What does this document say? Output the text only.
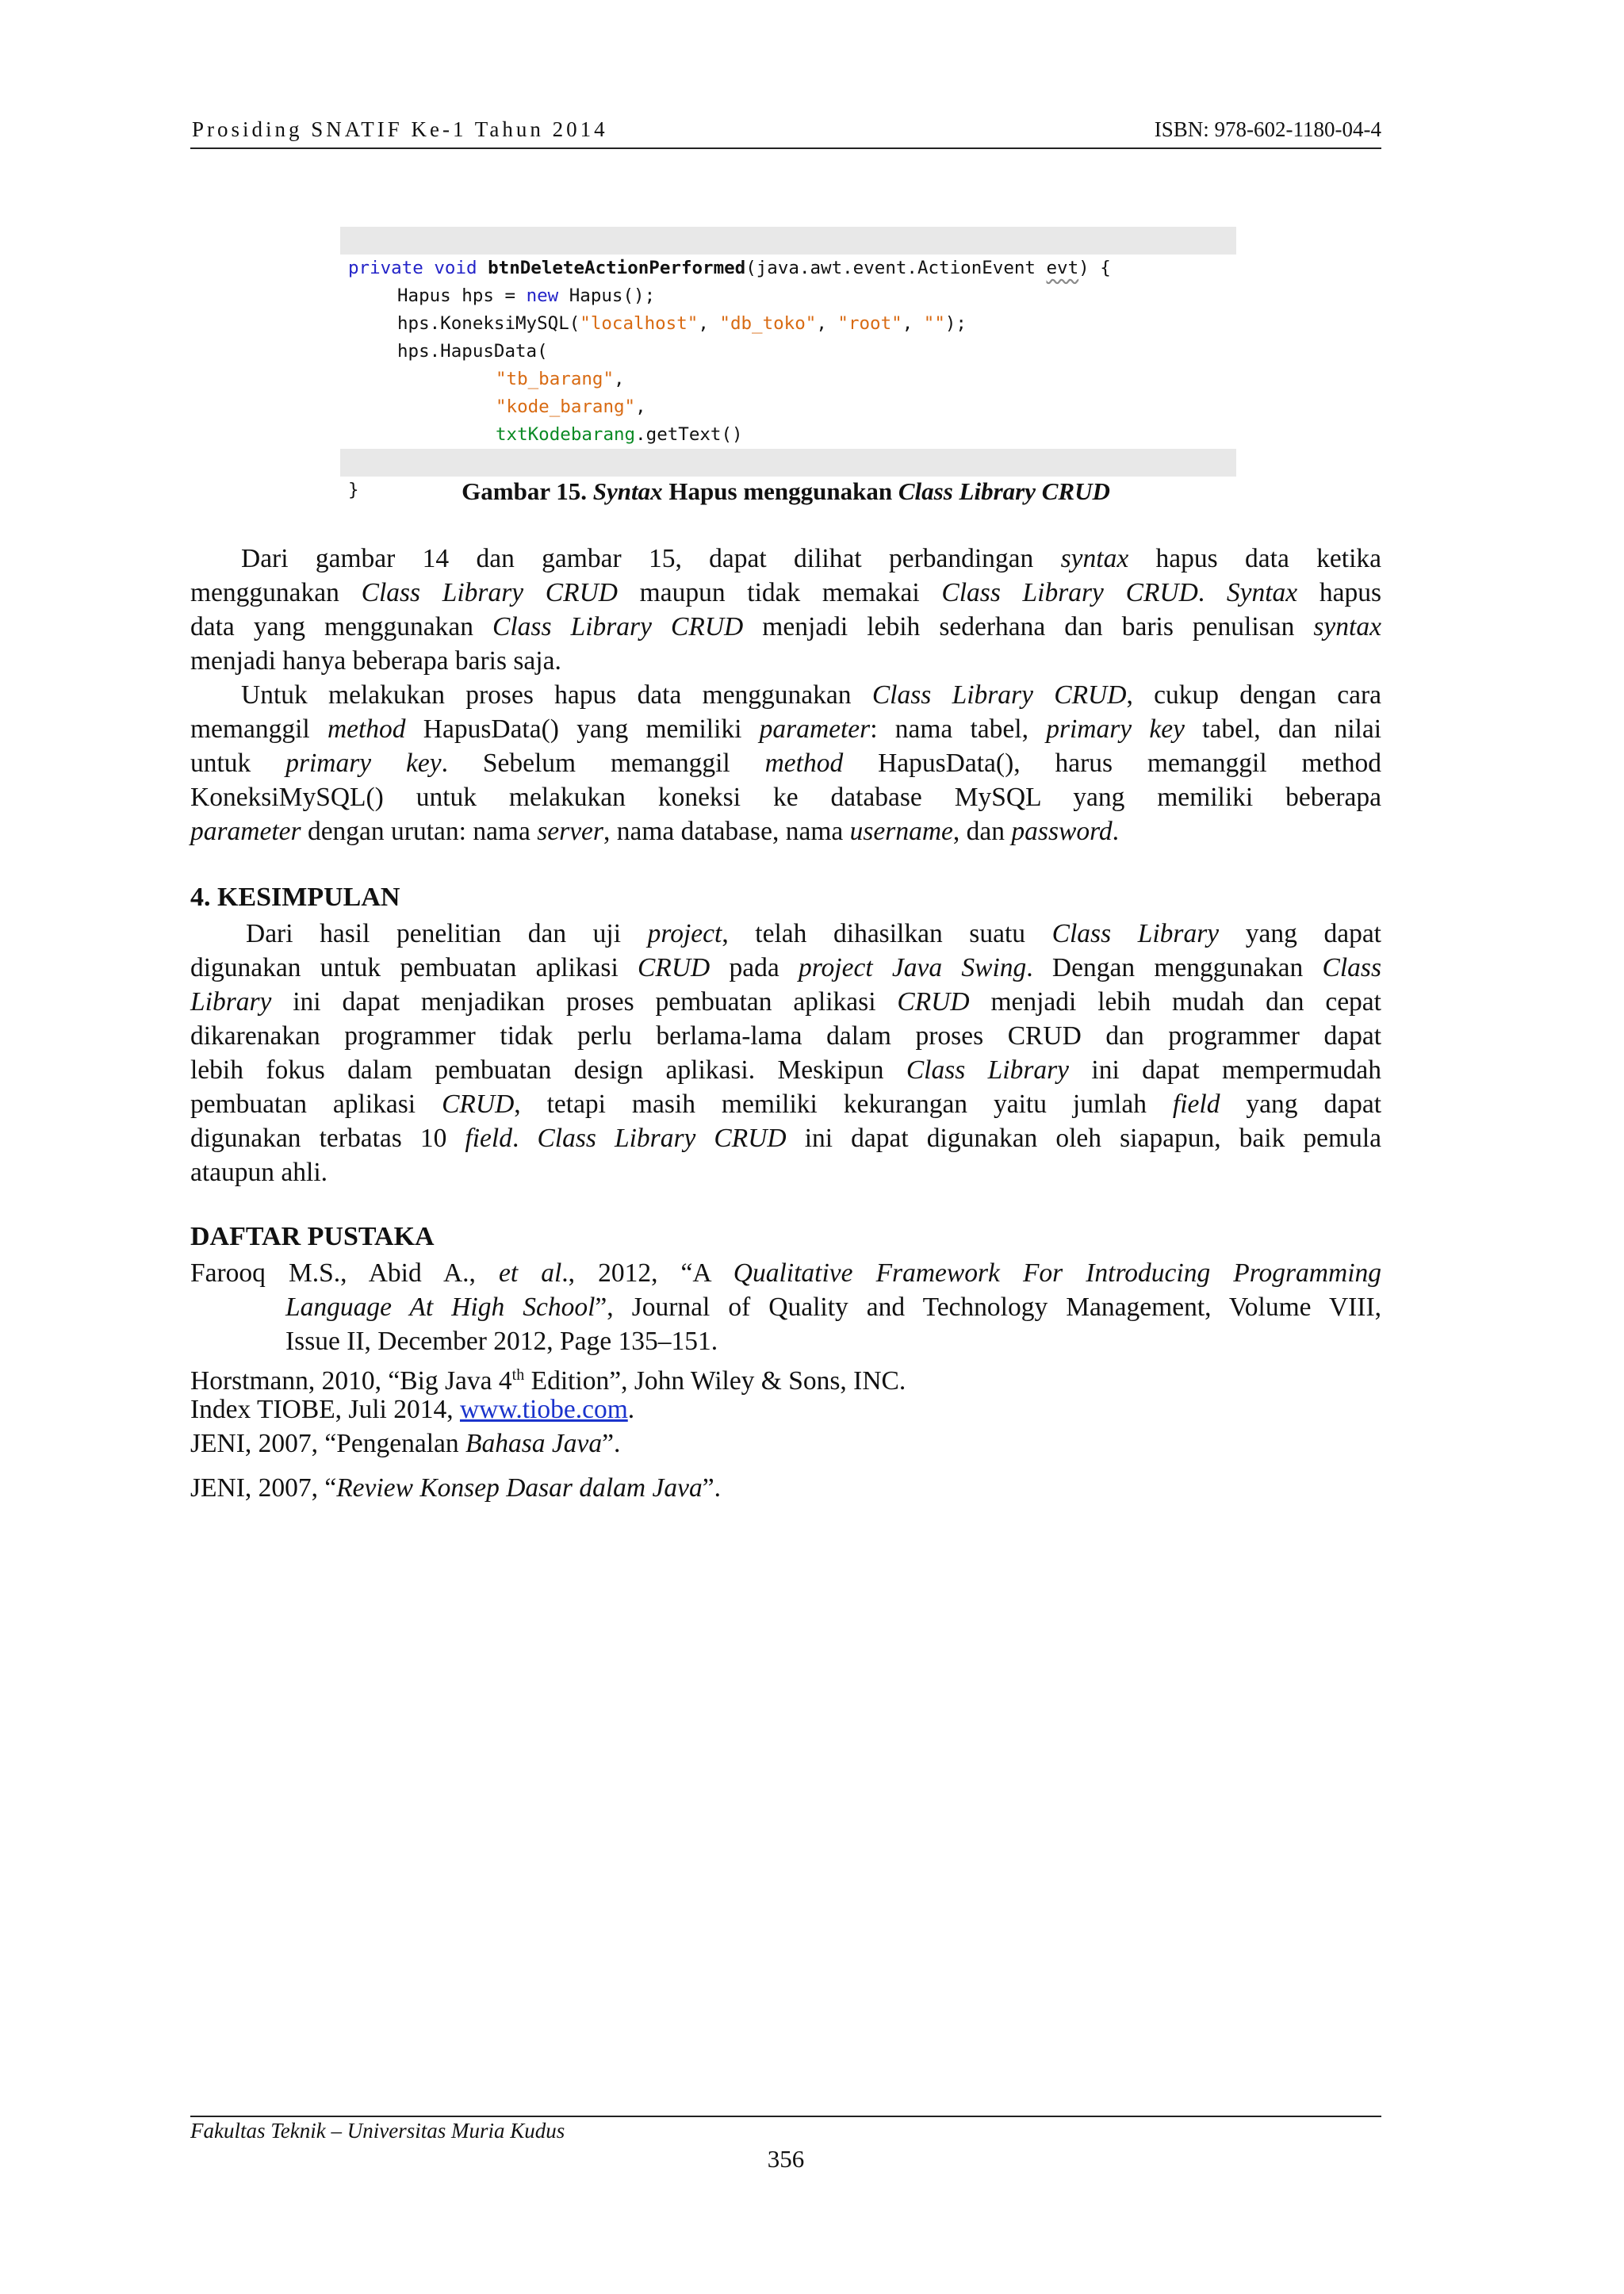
Prosiding SNATIF Ke-1 Tahun 2014	ISBN: 978-602-1180-04-4

private void btnDeleteActionPerformed(java.awt.event.ActionEvent evt) {

Hapus hps = new Hapus();

hps.KoneksiMySQL("localhost", "db_toko", "root", "");

hps.HapusData(

"tb_barang",

"kode_barang",

txtKodebarang.getText()

}

	Gambar 15. Syntax Hapus menggunakan Class Library CRUD
Dari gambar 14 dan gambar 15, dapat dilihat perbandingan syntax hapus data ketika
menggunakan Class Library CRUD maupun tidak memakai Class Library CRUD. Syntax hapus
data yang menggunakan Class Library CRUD menjadi lebih sederhana dan baris penulisan syntax
menjadi hanya beberapa baris saja.
Untuk melakukan proses hapus data menggunakan Class Library CRUD, cukup dengan cara
memanggil method HapusData() yang memiliki parameter: nama tabel, primary key tabel, dan nilai
untuk primary key. Sebelum memanggil method HapusData(), harus memanggil method
KoneksiMySQL() untuk melakukan koneksi ke database MySQL yang memiliki beberapa
parameter dengan urutan: nama server, nama database, nama username, dan password.
4. KESIMPULAN
Dari hasil penelitian dan uji project, telah dihasilkan suatu Class Library yang dapat
digunakan untuk pembuatan aplikasi CRUD pada project Java Swing. Dengan menggunakan Class
Library ini dapat menjadikan proses pembuatan aplikasi CRUD menjadi lebih mudah dan cepat
dikarenakan programmer tidak perlu berlama-lama dalam proses CRUD dan programmer dapat
lebih fokus dalam pembuatan design aplikasi. Meskipun Class Library ini dapat mempermudah
pembuatan aplikasi CRUD, tetapi masih memiliki kekurangan yaitu jumlah field yang dapat
digunakan terbatas 10 field. Class Library CRUD ini dapat digunakan oleh siapapun, baik pemula
ataupun ahli.
DAFTAR PUSTAKA
Farooq M.S., Abid A., et al., 2012, “A Qualitative Framework For Introducing Programming
Language At High School”, Journal of Quality and Technology Management, Volume VIII,
Issue II, December 2012, Page 135–151.
Horstmann, 2010, “Big Java 4th Edition”, John Wiley & Sons, INC.
Index TIOBE, Juli 2014, www.tiobe.com.
JENI, 2007, “Pengenalan Bahasa Java”.
JENI, 2007, “Review Konsep Dasar dalam Java”.
Fakultas Teknik – Universitas Muria Kudus
356
